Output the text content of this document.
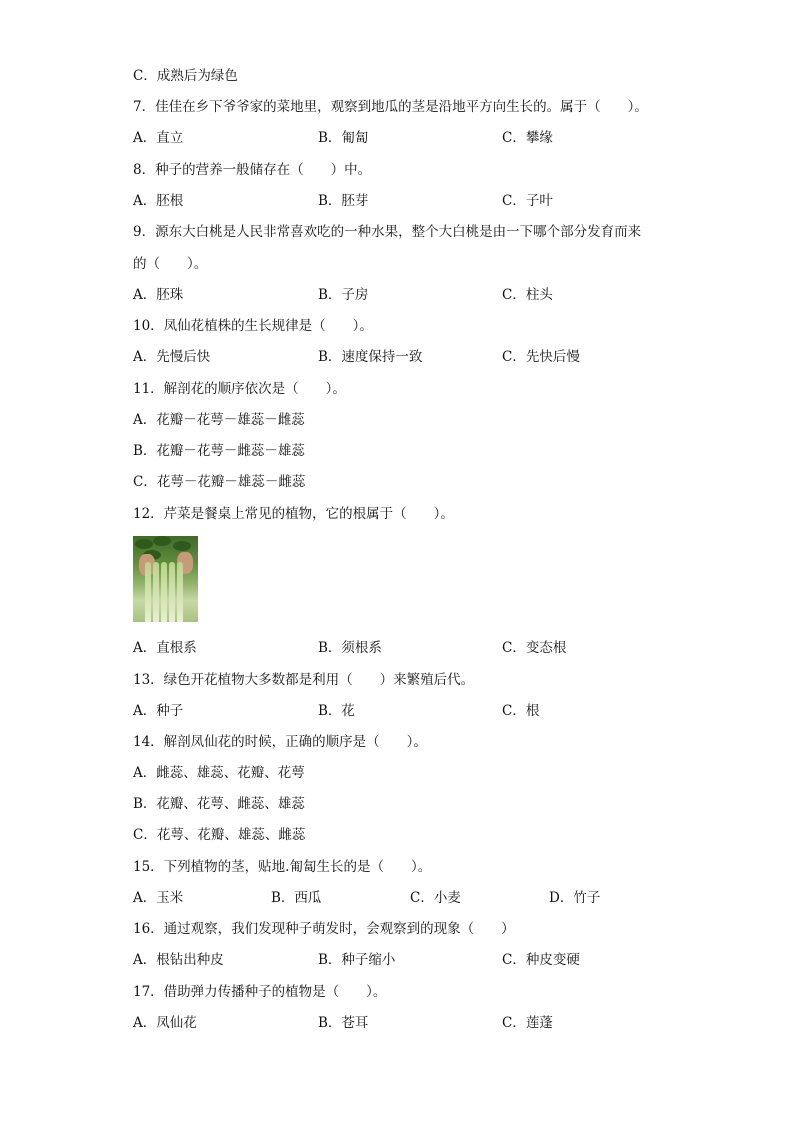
C．成熟后为绿色
7．佳佳在乡下爷爷家的菜地里，观察到地瓜的茎是沿地平方向生长的。属于（　　）。
A．直立	B．匍匐	C．攀缘
8．种子的营养一般储存在（　　）中。
A．胚根	B．胚芽	C．子叶
9．源东大白桃是人民非常喜欢吃的一种水果，整个大白桃是由一下哪个部分发育而来
的（　　）。
A．胚珠	B．子房	C．柱头
10．凤仙花植株的生长规律是（　　）。
A．先慢后快	B．速度保持一致	C．先快后慢
11．解剖花的顺序依次是（　　）。
A．花瓣－花萼－雄蕊－雌蕊
B．花瓣－花萼－雌蕊－雄蕊
C．花萼－花瓣－雄蕊－雌蕊
12．芹菜是餐桌上常见的植物，它的根属于（　　）。
A．直根系	B．须根系	C．变态根
13．绿色开花植物大多数都是利用（　　）来繁殖后代。
A．种子	B．花	C．根
A．雌蕊、雄蕊、花瓣、花萼
14．解剖凤仙花的时候，正确的顺序是（　　）。
B．花瓣、花萼、雌蕊、雄蕊
C．花萼、花瓣、雄蕊、雌蕊
15．下列植物的茎，贴地.匍匐生长的是（　　）。
A．玉米	B．西瓜	C．小麦	D．竹子
16．通过观察，我们发现种子萌发时，会观察到的现象（　　）
A．根钻出种皮	B．种子缩小	C．种皮变硬
17．借助弹力传播种子的植物是（　　）。
A．凤仙花	B．苍耳	C．莲蓬
